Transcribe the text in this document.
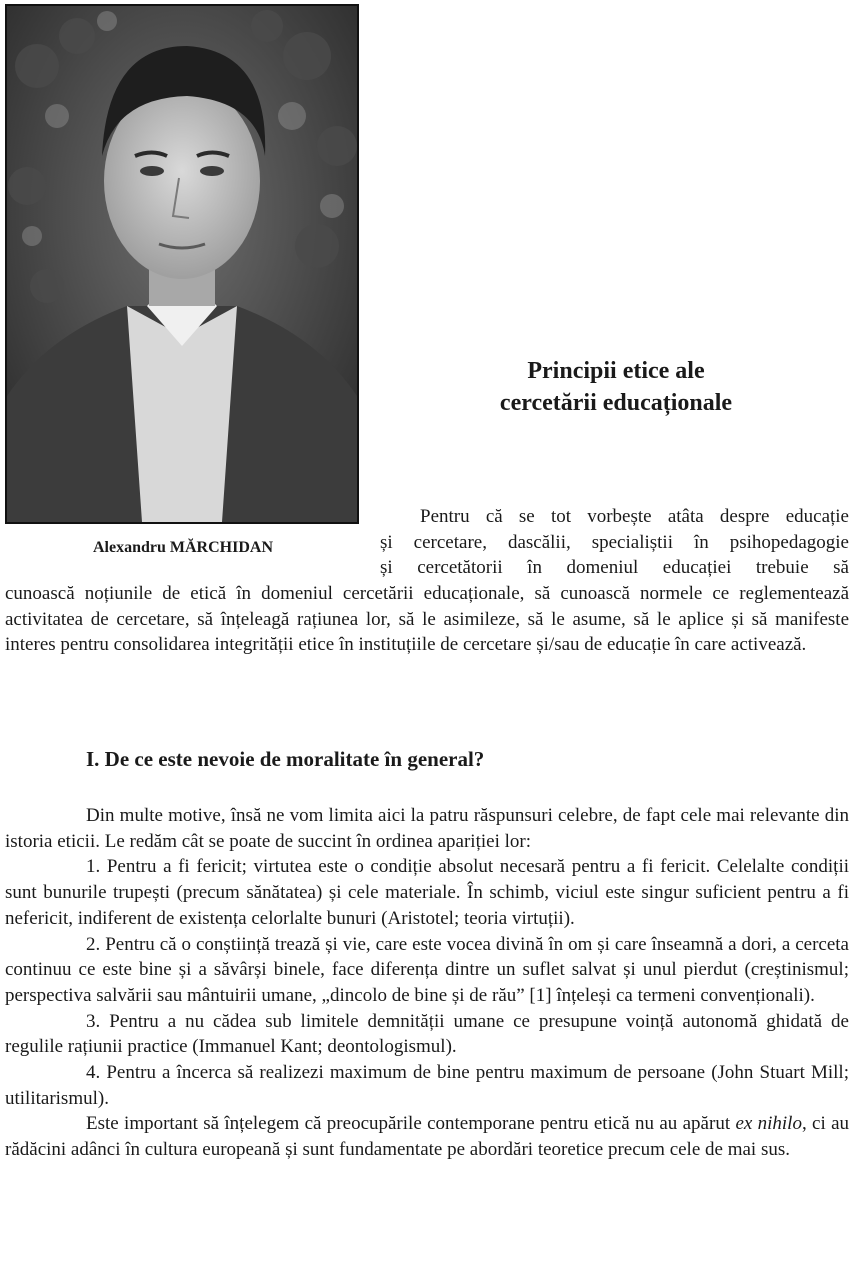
Alexandru MĂRCHIDAN
Principii etice ale
cercetării educaționale
Pentru că se tot vorbește atâta despre educație
și cercetare, dascălii, specialiștii în psihopedagogie
și cercetătorii în domeniul educației trebuie să

cunoască noțiunile de etică în domeniul cercetării educaționale, să cunoască normele ce reglementează activitatea de cercetare, să înțeleagă rațiunea lor, să le asimileze, să le asume, să le aplice și să manifeste interes pentru consolidarea integrității etice în instituțiile de cercetare și/sau de educație în care activează.

I. De ce este nevoie de moralitate în general?

Din multe motive, însă ne vom limita aici la patru răspunsuri celebre, de fapt cele mai relevante din istoria eticii. Le redăm cât se poate de succint în ordinea apariției lor:

1. Pentru a fi fericit; virtutea este o condiție absolut necesară pentru a fi fericit. Celelalte condiții sunt bunurile trupești (precum sănătatea) și cele materiale. În schimb, viciul este singur suficient pentru a fi nefericit, indiferent de existența celorlalte bunuri (Aristotel; teoria virtuții).

2. Pentru că o conștiință trează și vie, care este vocea divină în om și care înseamnă a dori, a cerceta continuu ce este bine și a săvârși binele, face diferența dintre un suflet salvat și unul pierdut (creștinismul; perspectiva salvării sau mântuirii umane, „dincolo de bine și de rău” [1] înțeleși ca termeni convenționali).

3. Pentru a nu cădea sub limitele demnității umane ce presupune voință autonomă ghidată de regulile rațiunii practice (Immanuel Kant; deontologismul).

4. Pentru a încerca să realizezi maximum de bine pentru maximum de persoane (John Stuart Mill; utilitarismul).

Este important să înțelegem că preocupările contemporane pentru etică nu au apărut ex nihilo, ci au rădăcini adânci în cultura europeană și sunt fundamentate pe abordări teoretice precum cele de mai sus.
